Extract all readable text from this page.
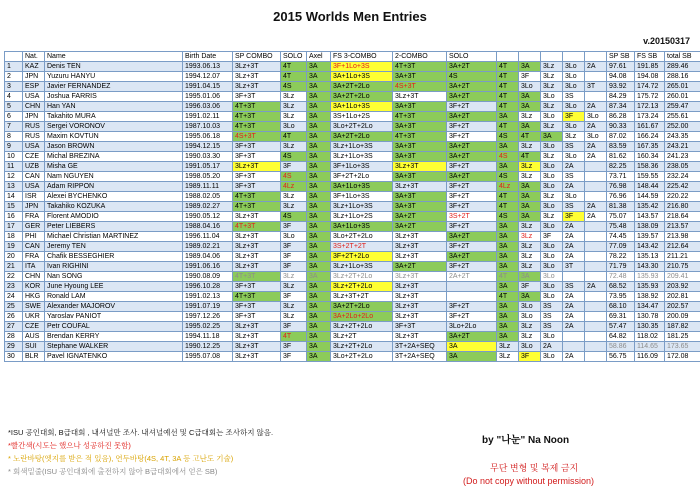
2015 Worlds Men Entries
v.20150317
	Nat.	Name	Birth Date	SP COMBO	SOLO	Axel	FS 3-COMBO	2-COMBO	SOLO						SP SB	FS SB	total SB
1	KAZ	Denis TEN	1993.06.13	3Lz+3T	4T	3A	3F+1Lo+3S	4T+3T	3A+2T	4T	3A	3Lz	3Lo	2A	97.61	191.85	289.46
2	JPN	Yuzuru HANYU	1994.12.07	3Lz+3T	4T	3A	3A+1Lo+3S	3A+3T	4S	4T	3F	3Lz	3Lo		94.08	194.08	288.16
3	ESP	Javier FERNANDEZ	1991.04.15	3Lz+3T	4S	3A	3A+2T+2Lo	4S+3T	3A+2T	4T	3Lo	3Lz	3Lo	3T	93.92	174.72	265.01
4	USA	Joshua FARRIS	1995.01.06	3F+3T	3Lz	3A	3A+2T+2Lo	3Lz+3T	3A+2T	4T	3A	3Lo	3S		84.29	175.72	260.01
5	CHN	Han YAN	1996.03.06	4T+3T	3Lz	3A	3A+1Lo+3S	3A+3T	3F+2T	4T	3A	3Lz	3Lo	2A	87.34	172.13	259.47
6	JPN	Takahito MURA	1991.02.11	4T+3T	3Lz	3A	3S+1Lo+2S	4T+3T	3A+2T	3A	3Lz	3Lo	3F	3Lo	86.28	173.24	255.61
7	RUS	Sergei VORONOV	1987.10.03	4T+3T	3Lo	3A	3Lo+2T+2Lo	3A+3T	3F+2T	4T	3A	3Lz	3Lo	2A	90.33	161.67	252.00
8	RUS	Maxim KOVTUN	1995.06.18	4S+3T	4T	3A	3A+2T+2Lo	4T+3T	3F+2T	4S	4T	3A	3Lz	3Lo	87.02	166.24	243.35
9	USA	Jason BROWN	1994.12.15	3F+3T	3Lz	3A	3Lz+1Lo+3S	3A+3T	3A+2T	3A	3Lz	3Lo	3S	2A	83.59	167.35	243.21
10	CZE	Michal BREZINA	1990.03.30	3F+3T	4S	3A	3Lz+1Lo+3S	3A+3T	3A+2T	4S	4T	3Lz	3Lo	2A	81.62	160.34	241.23
11	UZB	Misha GE	1991.05.17	3Lz+3T	3F	3A	3F+1Lo+3S	3Lz+3T	3F+2T	3A	3Lz	3Lo	2A		82.25	158.36	238.05
12	CAN	Nam NGUYEN	1998.05.20	3F+3T	4S	3A	3F+2T+2Lo	3A+3T	3A+2T	4S	3Lz	3Lo	3S		73.71	159.55	232.24
13	USA	Adam RIPPON	1989.11.11	3F+3T	4Lz	3A	3A+1Lo+3S	3Lz+3T	3F+2T	4Lz	3A	3Lo	2A		76.98	148.44	225.42
14	ISR	Alexei BYCHENKO	1988.02.05	4T+3T	3Lz	3A	3F+1Lo+3S	3A+3T	3F+2T	4T	3A	3Lz	3Lo		76.96	144.59	220.22
15	JPN	Takahiko KOZUKA	1989.02.27	4T+3T	3Lz	3A	3Lz+1Lo+3S	3A+3T	3F+2T	4T	3A	3Lo	3S	2A	81.38	135.42	216.80
16	FRA	Florent AMODIO	1990.05.12	3Lz+3T	4S	3A	3Lz+1Lo+2S	3A+2T	3S+2T	4S	3A	3Lz	3F	2A	75.07	143.57	218.64
17	GER	Peter LIEBERS	1988.04.16	4T+3T	3F	3A	3A+1Lo+3S	3A+2T	3F+2T	3A	3Lz	3Lo	2A		75.48	138.09	213.57
18	PHI	Michael Christian MARTINEZ	1996.11.04	3Lz+3T	3Lo	3A	3Lo+2T+2Lo	3Lz+3T	3A+2T	3A	3Lz	3F	2A		74.45	139.57	213.98
19	CAN	Jeremy TEN	1989.02.21	3Lz+3T	3F	3A	3S+2T+2T	3Lz+3T	3F+2T	3A	3Lz	3Lo	2A		77.09	143.42	212.64
20	FRA	Chafik BESSEGHIER	1989.04.06	3Lz+3T	3F	3A	3F+2T+2Lo	3Lz+3T	3A+2T	3A	3Lz	3Lo	2A		78.22	135.13	211.21
21	ITA	Ivan RIGHINI	1991.06.16	3Lz+3T	3F	3A	3Lz+1Lo+3S	3A+2T	3F+2T	3A	3Lz	3Lo	3T		71.79	143.30	210.75
22	CHN	Nan SONG	1990.08.09	4T+3T	3Lz	3A	3Lz+2T+2Lo	3Lz+3T	2A+2T	4T	3A	3Lo			72.48	135.93	209.41
23	KOR	June Hyoung LEE	1996.10.28	3F+3T	3Lz	3A	3Lz+2T+2Lo	3Lz+3T		3A	3F	3Lo	3S	2A	68.52	135.93	203.92
24	HKG	Ronald LAM	1991.02.13	4T+3T	3F	3A	3Lz+3T+2T	3Lz+3T		4T	3A	3Lo	2A		73.95	138.92	202.81
25	SWE	Alexander MAJOROV	1991.07.19	3F+3T	3Lz	3A	3A+2T+2Lo	3Lz+3T	3F+2T	3A	3Lo	3S	2A		68.10	134.47	202.57
26	UKR	Yaroslav PANIOT	1997.12.26	3F+3T	3Lz	3A	3A+2Lo+2Lo	3Lz+3T	3F+2T	3A	3Lo	3S	2A		69.31	130.78	200.09
27	CZE	Petr COUFAL	1995.02.25	3Lz+3T	3F	3A	3Lz+2T+2Lo	3F+3T	3Lo+2Lo	3A	3Lz	3S	2A		57.47	130.35	187.82
28	AUS	Brendan KERRY	1994.11.18	3Lz+3T	4T	3A	3Lz+2T	3Lz+3T	3A+2T	3A	3Lz	3Lo			64.82	118.02	181.25
29	SUI	Stephane WALKER	1990.12.25	3Lz+3T	3F	3A	3Lz+2T+2Lo	3T+2A+SEQ	3A	3Lz	3Lo	2A			58.86	114.65	173.65
30	BLR	Pavel IGNATENKO	1995.07.08	3Lz+3T	3F	3A	3Lo+2T+2Lo	3T+2A+SEQ	3A	3Lz	3F	3Lo	2A		56.75	116.09	172.08
*ISU 공인대회, B급대회 , 내셔널만 조사. 내셔널예선 및 C급대회는 조사하지 않음.
*빨간색(시도는 했으나 성공하진 못함)
* 노란바탕(엣지를 받은 적 있음), 연두바탕(4S, 4T, 3A 등 고난도 기술)
* 회색밑줄(ISU 공인대회에 출전하지 않아 B급대회에서 얻은 SB)
by "나눈" Na Noon
무단 변형 및 복제 금지
(Do not copy without permission)
